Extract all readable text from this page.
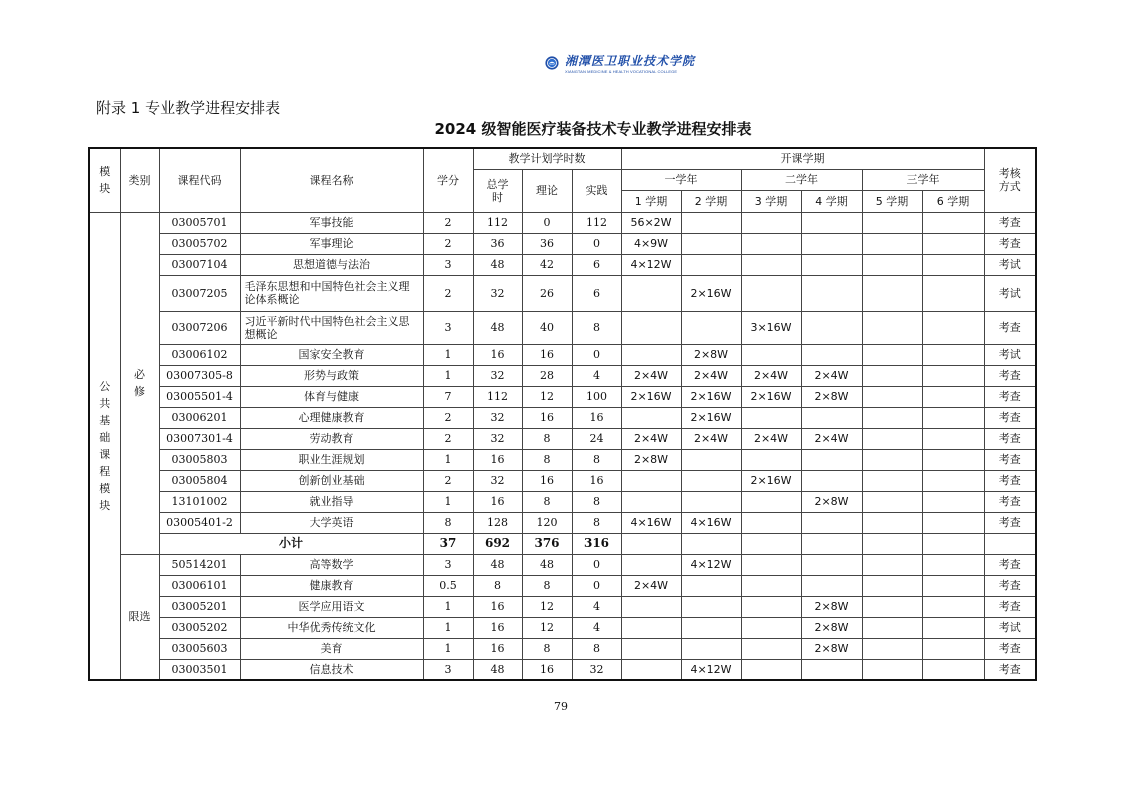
湘潭医卫职业技术学院
XIANGTAN MEDICINE & HEALTH VOCATIONAL COLLEGE
附录 1 专业教学进程安排表
2024 级智能医疗装备技术专业教学进程安排表
模块	类别	课程代码	课程名称	学分	教学计划学时数			开课学期						考核方式
					总学时	理论	实践	一学年		二学年		三学年		
								1 学期	2 学期	3 学期	4 学期	5 学期	6 学期	
公共基础课程模块	必修	03005701	军事技能	2	112	0	112	56×2W						考查
		03005702	军事理论	2	36	36	0	4×9W						考查
		03007104	思想道德与法治	3	48	42	6	4×12W						考试
		03007205	毛泽东思想和中国特色社会主义理论体系概论	2	32	26	6		2×16W					考试
		03007206	习近平新时代中国特色社会主义思想概论	3	48	40	8			3×16W				考查
		03006102	国家安全教育	1	16	16	0		2×8W					考试
		03007305-8	形势与政策	1	32	28	4	2×4W	2×4W	2×4W	2×4W			考查
		03005501-4	体育与健康	7	112	12	100	2×16W	2×16W	2×16W	2×8W			考查
		03006201	心理健康教育	2	32	16	16		2×16W					考查
		03007301-4	劳动教育	2	32	8	24	2×4W	2×4W	2×4W	2×4W			考查
		03005803	职业生涯规划	1	16	8	8	2×8W						考查
		03005804	创新创业基础	2	32	16	16			2×16W				考查
		13101002	就业指导	1	16	8	8				2×8W			考查
		03005401-2	大学英语	8	128	120	8	4×16W	4×16W					考查
		小计		37	692	376	316							
	限选	50514201	高等数学	3	48	48	0		4×12W					考查
		03006101	健康教育	0.5	8	8	0	2×4W						考查
		03005201	医学应用语文	1	16	12	4				2×8W			考查
		03005202	中华优秀传统文化	1	16	12	4				2×8W			考试
		03005603	美育	1	16	8	8				2×8W			考查
		03003501	信息技术	3	48	16	32		4×12W					考查
79
